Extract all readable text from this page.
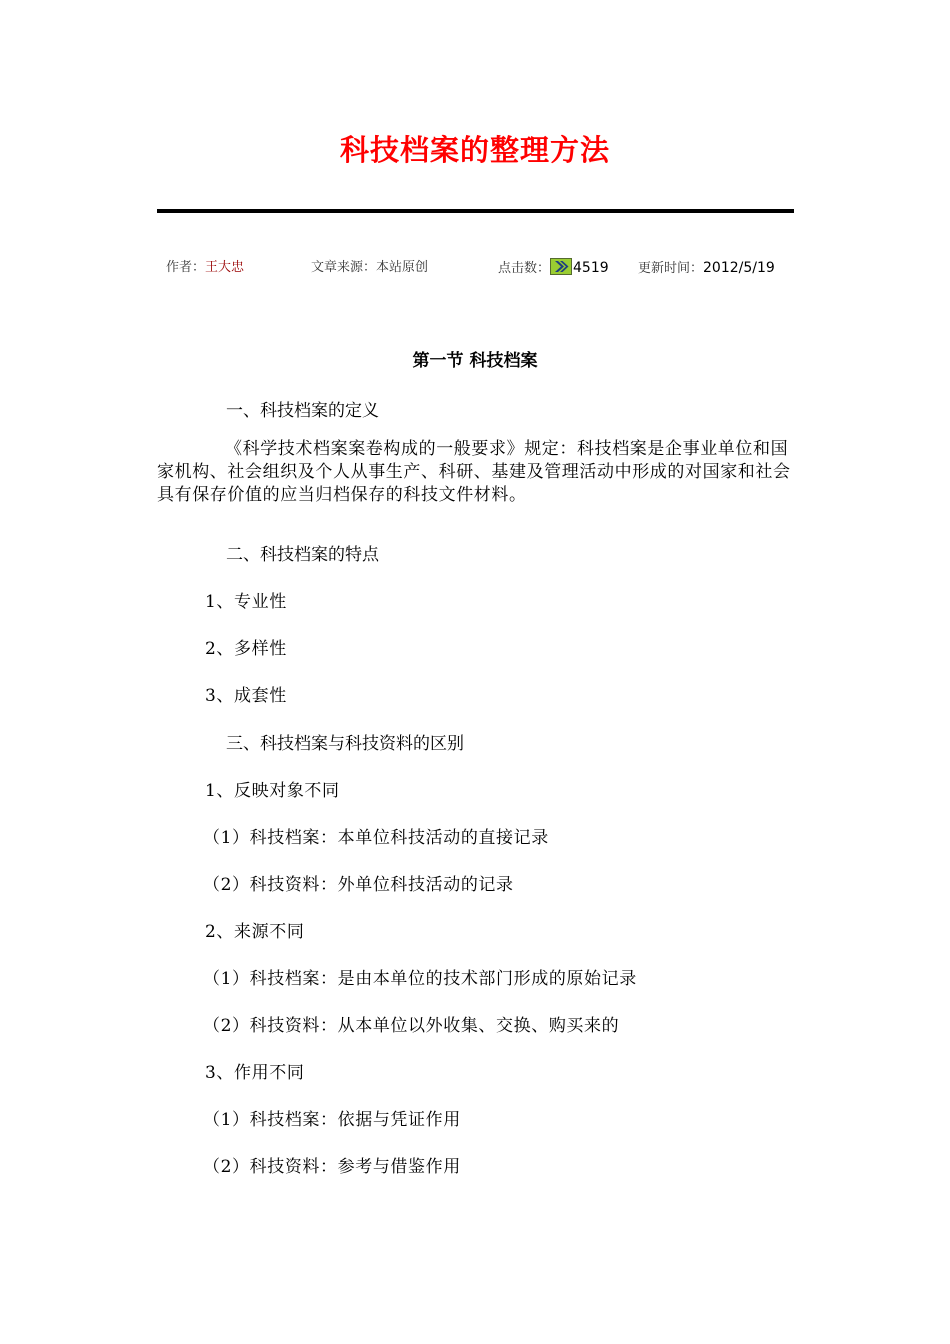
科技档案的整理方法
作者：王大忠	文章来源：本站原创	点击数： 4519 更新时间：2012/5/19
第一节 科技档案
一、科技档案的定义
《科学技术档案案卷构成的一般要求》规定：科技档案是企事业单位和国家机构、社会组织及个人从事生产、科研、基建及管理活动中形成的对国家和社会具有保存价值的应当归档保存的科技文件材料。
二、科技档案的特点
1、专业性
2、多样性
3、成套性
三、科技档案与科技资料的区别
1、反映对象不同
（1）科技档案：本单位科技活动的直接记录
（2）科技资料：外单位科技活动的记录
2、来源不同
（1）科技档案：是由本单位的技术部门形成的原始记录
（2）科技资料：从本单位以外收集、交换、购买来的
3、作用不同
（1）科技档案：依据与凭证作用
（2）科技资料：参考与借鉴作用
